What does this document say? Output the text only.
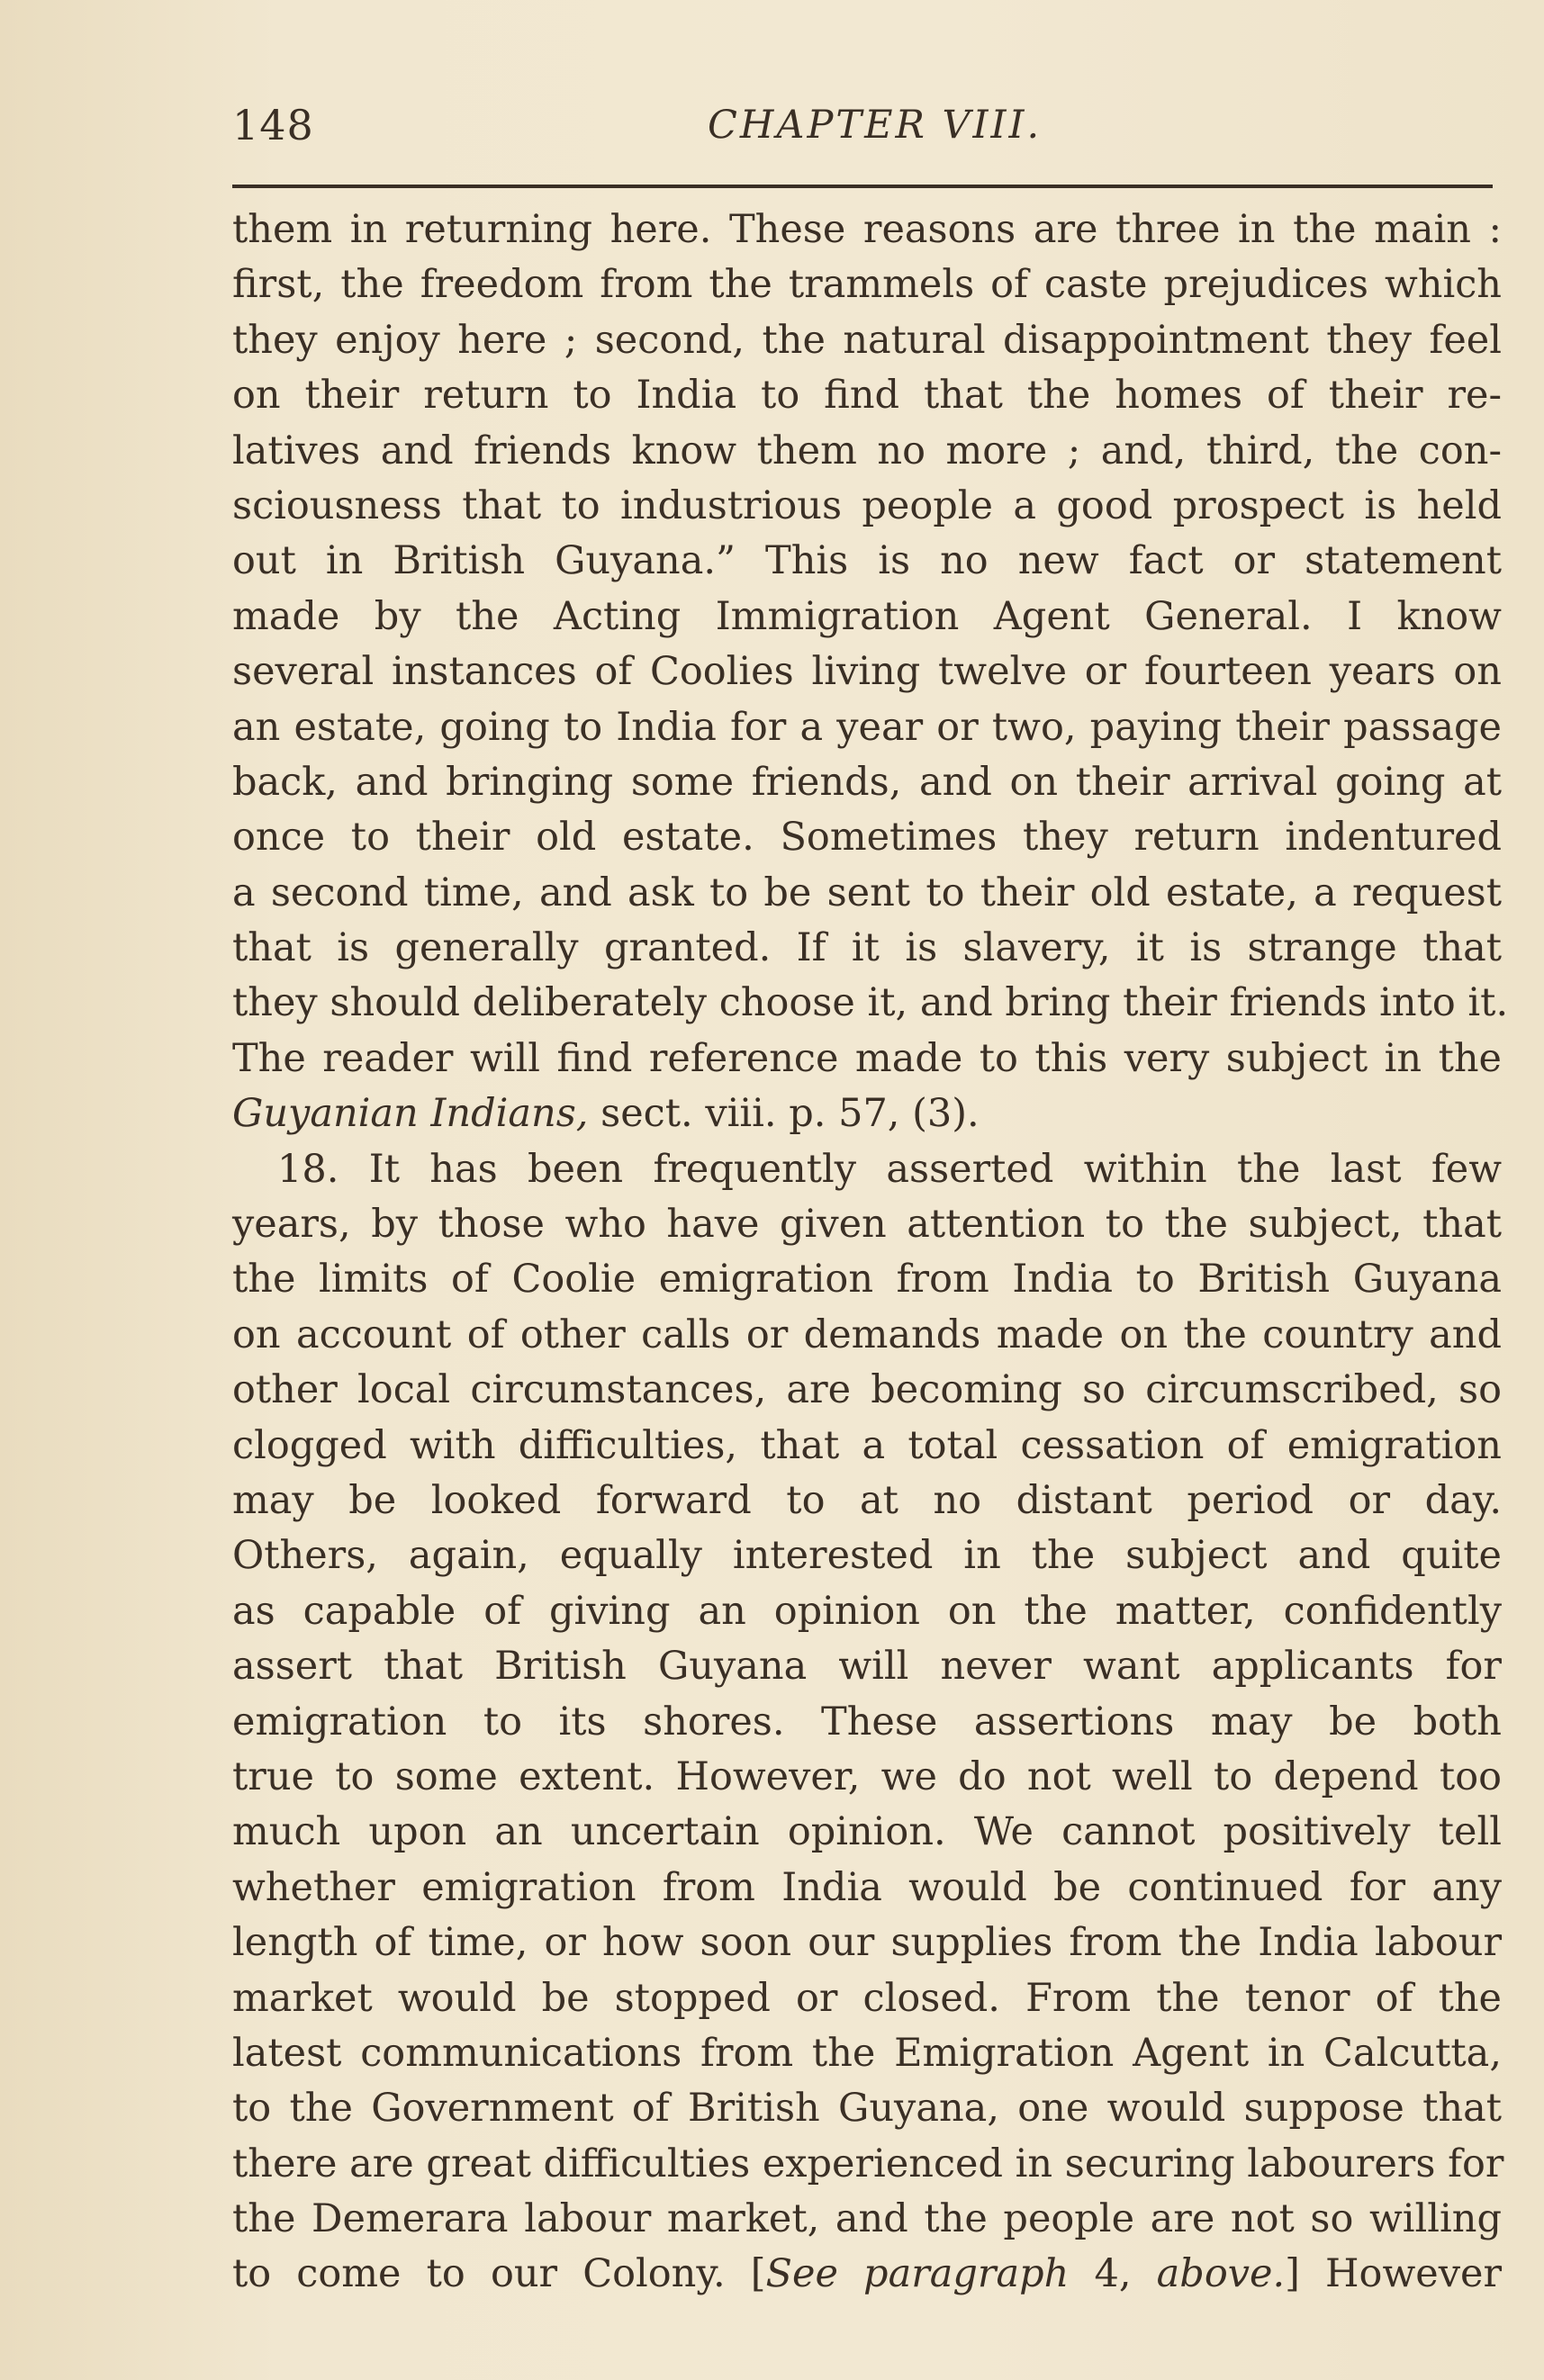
148	CHAPTER VIII.
them in returning here. These reasons are three in the main :
first, the freedom from the trammels of caste prejudices which
they enjoy here ; second, the natural disappointment they feel
on their return to India to find that the homes of their re-
latives and friends know them no more ; and, third, the con-
sciousness that to industrious people a good prospect is held
out in British Guyana.” This is no new fact or statement
made by the Acting Immigration Agent General. I know
several instances of Coolies living twelve or fourteen years on
an estate, going to India for a year or two, paying their passage
back, and bringing some friends, and on their arrival going at
once to their old estate. Sometimes they return indentured
a second time, and ask to be sent to their old estate, a request
that is generally granted. If it is slavery, it is strange that
they should deliberately choose it, and bring their friends into it.
The reader will find reference made to this very subject in the
Guyanian Indians, sect. viii. p. 57, (3).
18. It has been frequently asserted within the last few
years, by those who have given attention to the subject, that
the limits of Coolie emigration from India to British Guyana
on account of other calls or demands made on the country and
other local circumstances, are becoming so circumscribed, so
clogged with difficulties, that a total cessation of emigration
may be looked forward to at no distant period or day.
Others, again, equally interested in the subject and quite
as capable of giving an opinion on the matter, confidently
assert that British Guyana will never want applicants for
emigration to its shores. These assertions may be both
true to some extent. However, we do not well to depend too
much upon an uncertain opinion. We cannot positively tell
whether emigration from India would be continued for any
length of time, or how soon our supplies from the India labour
market would be stopped or closed. From the tenor of the
latest communications from the Emigration Agent in Calcutta,
to the Government of British Guyana, one would suppose that
there are great difficulties experienced in securing labourers for
the Demerara labour market, and the people are not so willing
to come to our Colony. [See paragraph 4, above.] However
